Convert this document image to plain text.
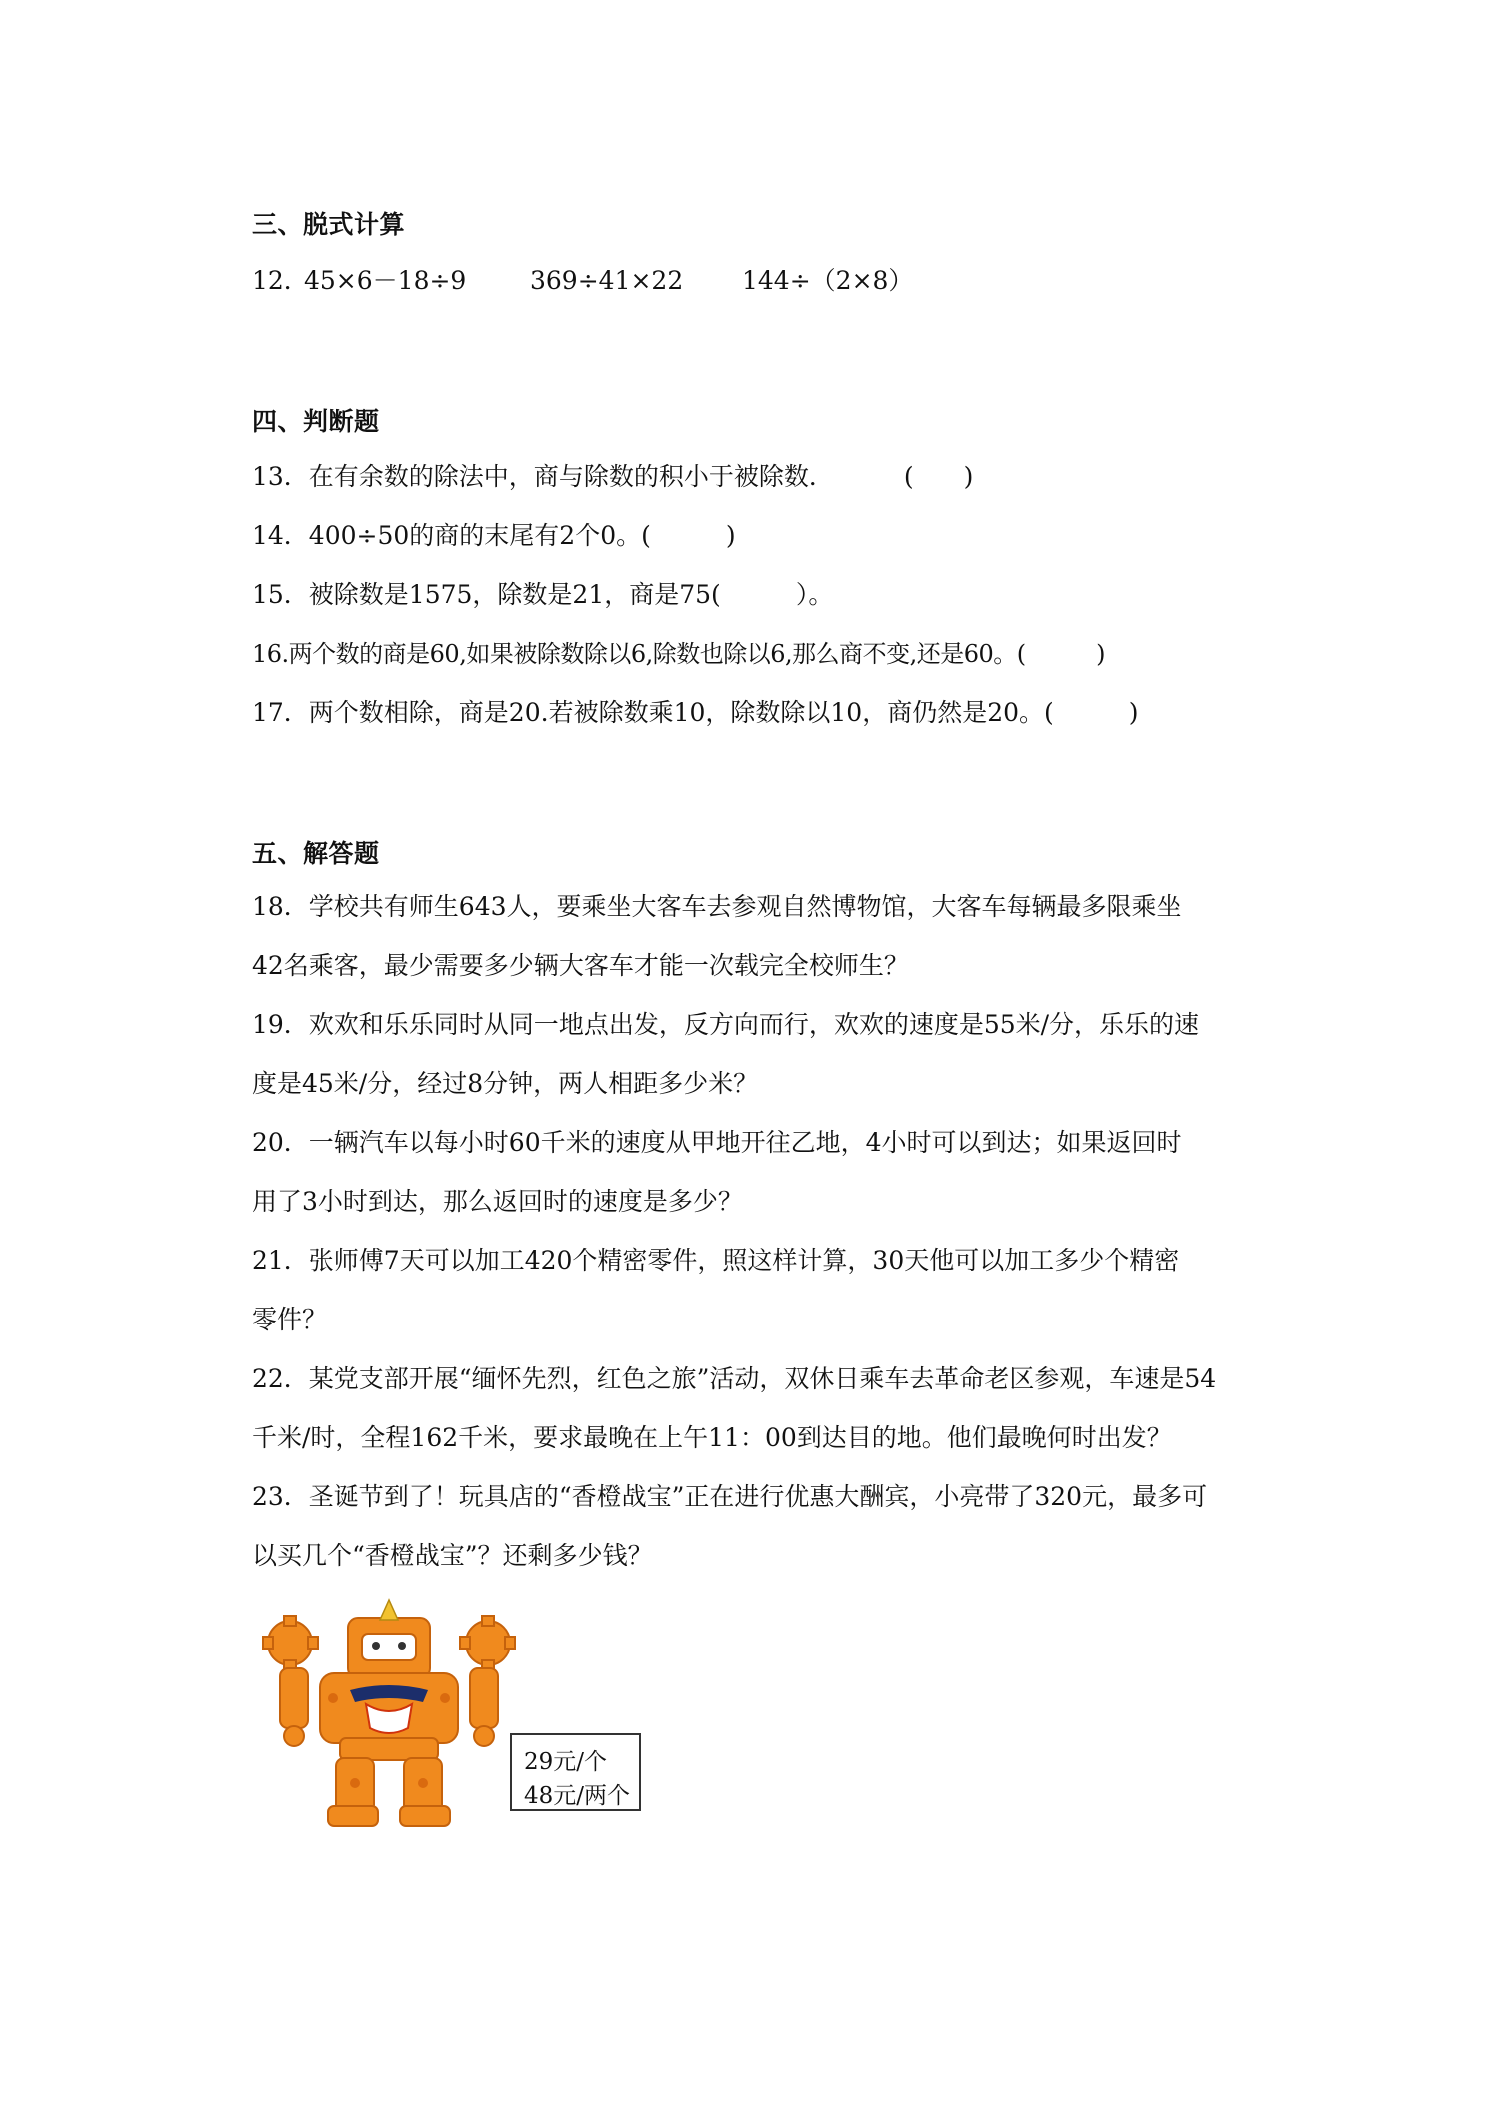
三、脱式计算
12．
45×6－18÷9	369÷41×22 144÷（2×8）
四、判断题
13．在有余数的除法中，商与除数的积小于被除数．	(　　)
14．400÷50的商的末尾有2个0。(　　　)
15．被除数是1575，除数是21，商是75(　　　）。
16.两个数的商是60,如果被除数除以6,除数也除以6,那么商不变,还是60。(　　　)
17．两个数相除，商是20.若被除数乘10，除数除以10，商仍然是20。(　　　)
五、解答题
18．学校共有师生643人，要乘坐大客车去参观自然博物馆，大客车每辆最多限乘坐
42名乘客，最少需要多少辆大客车才能一次载完全校师生？
19．欢欢和乐乐同时从同一地点出发，反方向而行，欢欢的速度是55米/分，乐乐的速
度是45米/分，经过8分钟，两人相距多少米？
20．一辆汽车以每小时60千米的速度从甲地开往乙地，4小时可以到达；如果返回时
用了3小时到达，那么返回时的速度是多少？
21．张师傅7天可以加工420个精密零件，照这样计算，30天他可以加工多少个精密
零件？
22．某党支部开展“缅怀先烈，红色之旅”活动，双休日乘车去革命老区参观，车速是54
千米/时，全程162千米，要求最晚在上午11：00到达目的地。他们最晚何时出发？
23．圣诞节到了！玩具店的“香橙战宝”正在进行优惠大酬宾，小亮带了320元，最多可
以买几个“香橙战宝”？还剩多少钱？
29元/个
48元/两个
